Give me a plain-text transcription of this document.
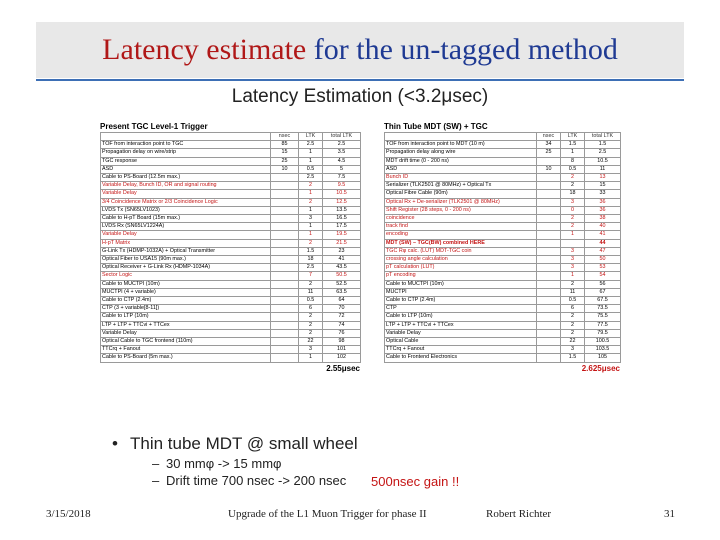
Latency estimate for the un-tagged method
Latency Estimation (<3.2μsec)
Present TGC Level-1 Trigger
	nsec	LTK	total LTK
TOF from interaction point to TGC	85	2.5	2.5
Propagation delay on wire/strip	15	1	3.5
TGC response	25	1	4.5
ASD	10	0.5	5
Cable to PS-Board (12.5m max.)		2.5	7.5
Variable Delay, Bunch ID, OR and signal routing		2	9.5
Variable Delay		1	10.5
3/4 Coincidence Matrix or 2/3 Coincidence Logic		2	12.5
LVDS Tx (SN65LV1023)		1	13.5
Cable to H-pT Board (15m max.)		3	16.5
LVDS Rx (SN65LV1224A)		1	17.5
Variable Delay		1	19.5
H-pT Matrix		2	21.5
G-Link Tx (HDMP-1032A) + Optical Transmitter		1.5	23
Optical Fiber to USA15 (90m max.)		18	41
Optical Receiver + G-Link Rx (HDMP-1034A)		2.5	43.5
Sector Logic		7	50.5
Cable to MUCTPI (10m)		2	52.5
MUCTPI (4 + variable)		11	63.5
Cable to CTP (2.4m)		0.5	64
CTP (3 + variable[8-11])		6	70
Cable to LTP (10m)		2	72
LTP + LTP + TTCvi + TTCex		2	74
Variable Delay		2	76
Optical Cable to TGC frontend (110m)		22	98
TTCrq + Fanout		3	101
Cable to PS-Board (5m max.)		1	102
2.55μsec
Thin Tube MDT (SW) + TGC
	nsec	LTK	total LTK
TOF from interaction point to MDT (10 m)	34	1.5	1.5
Propagation delay along wire	25	1	2.5
MDT drift time (0 - 200 ns)		8	10.5
ASD	10	0.5	11
Bunch ID		2	13
Serializer (TLK2501 @ 80MHz) + Optical Tx		2	15
Optical Fibre Cable (90m)		18	33
Optical Rx + De-serializer (TLK2501 @ 80MHz)		3	36
Shift Register (28 steps, 0 - 200 ns)		0	36
coincidence		2	38
track find		2	40
encoding		1	41
MDT (SW) – TGC(BW) combined HERE			44
TGC Rφ calc. (LUT) MDT-TGC coin		3	47
crossing angle calculation		3	50
pT calculation (LUT)		3	53
pT encoding		1	54
Cable to MUCTPI (10m)		2	56
MUCTPI		11	67
Cable to CTP (2.4m)		0.5	67.5
CTP		6	73.5
Cable to LTP (10m)		2	75.5
LTP + LTP + TTCvi + TTCex		2	77.5
Variable Delay		2	79.5
Optical Cable		22	100.5
TTCrq + Fanout		3	103.5
Cable to Frontend Electronics		1.5	105
2.625μsec
• Thin tube MDT @ small wheel
– 30 mmφ -> 15 mmφ
– Drift time 700 nsec -> 200 nsec	500nsec gain !!
3/15/2018	Upgrade of the L1 Muon Trigger for phase II	Robert Richter	31
